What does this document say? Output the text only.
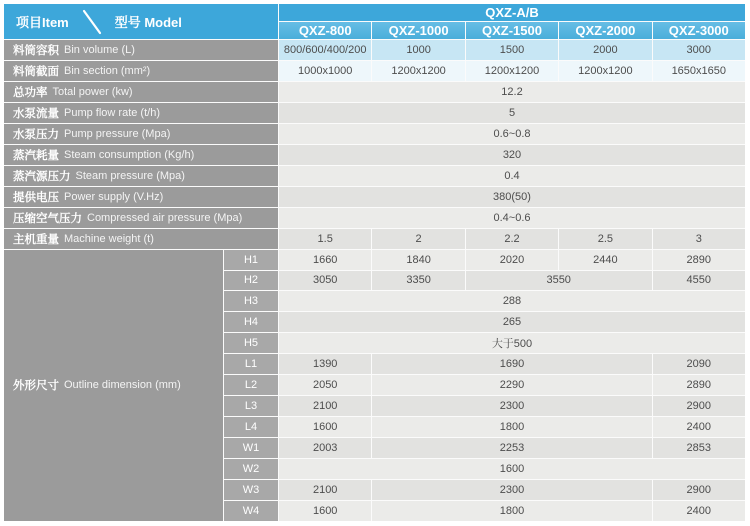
项目Item	型号 Model
QXZ-A/B
QXZ-800	QXZ-1000	QXZ-1500	QXZ-2000	QXZ-3000
料筒容积 Bin volume (L)	800/600/400/200	1000	1500	2000	3000
料筒截面 Bin section (mm²)	1000x1000	1200x1200	1200x1200	1200x1200	1650x1650
总功率 Total power (kw)	12.2
水泵流量 Pump flow rate (t/h)	5
水泵压力 Pump pressure (Mpa)	0.6~0.8
蒸汽耗量 Steam consumption (Kg/h)	320
蒸汽源压力 Steam pressure (Mpa)	0.4
提供电压 Power supply (V.Hz)	380(50)
压缩空气压力 Compressed air pressure (Mpa)	0.4~0.6
主机重量 Machine weight (t)	1.5	2	2.2	2.5	3
外形尺寸 Outline dimension (mm)
H1	1660	1840	2020	2440	2890
H2	3050	3350	3550	4550
H3	288
H4	265
H5	大于500
L1	1390	1690	2090
L2	2050	2290	2890
L3	2100	2300	2900
L4	1600	1800	2400
W1	2003	2253	2853
W2	1600
W3	2100	2300	2900
W4	1600	1800	2400
